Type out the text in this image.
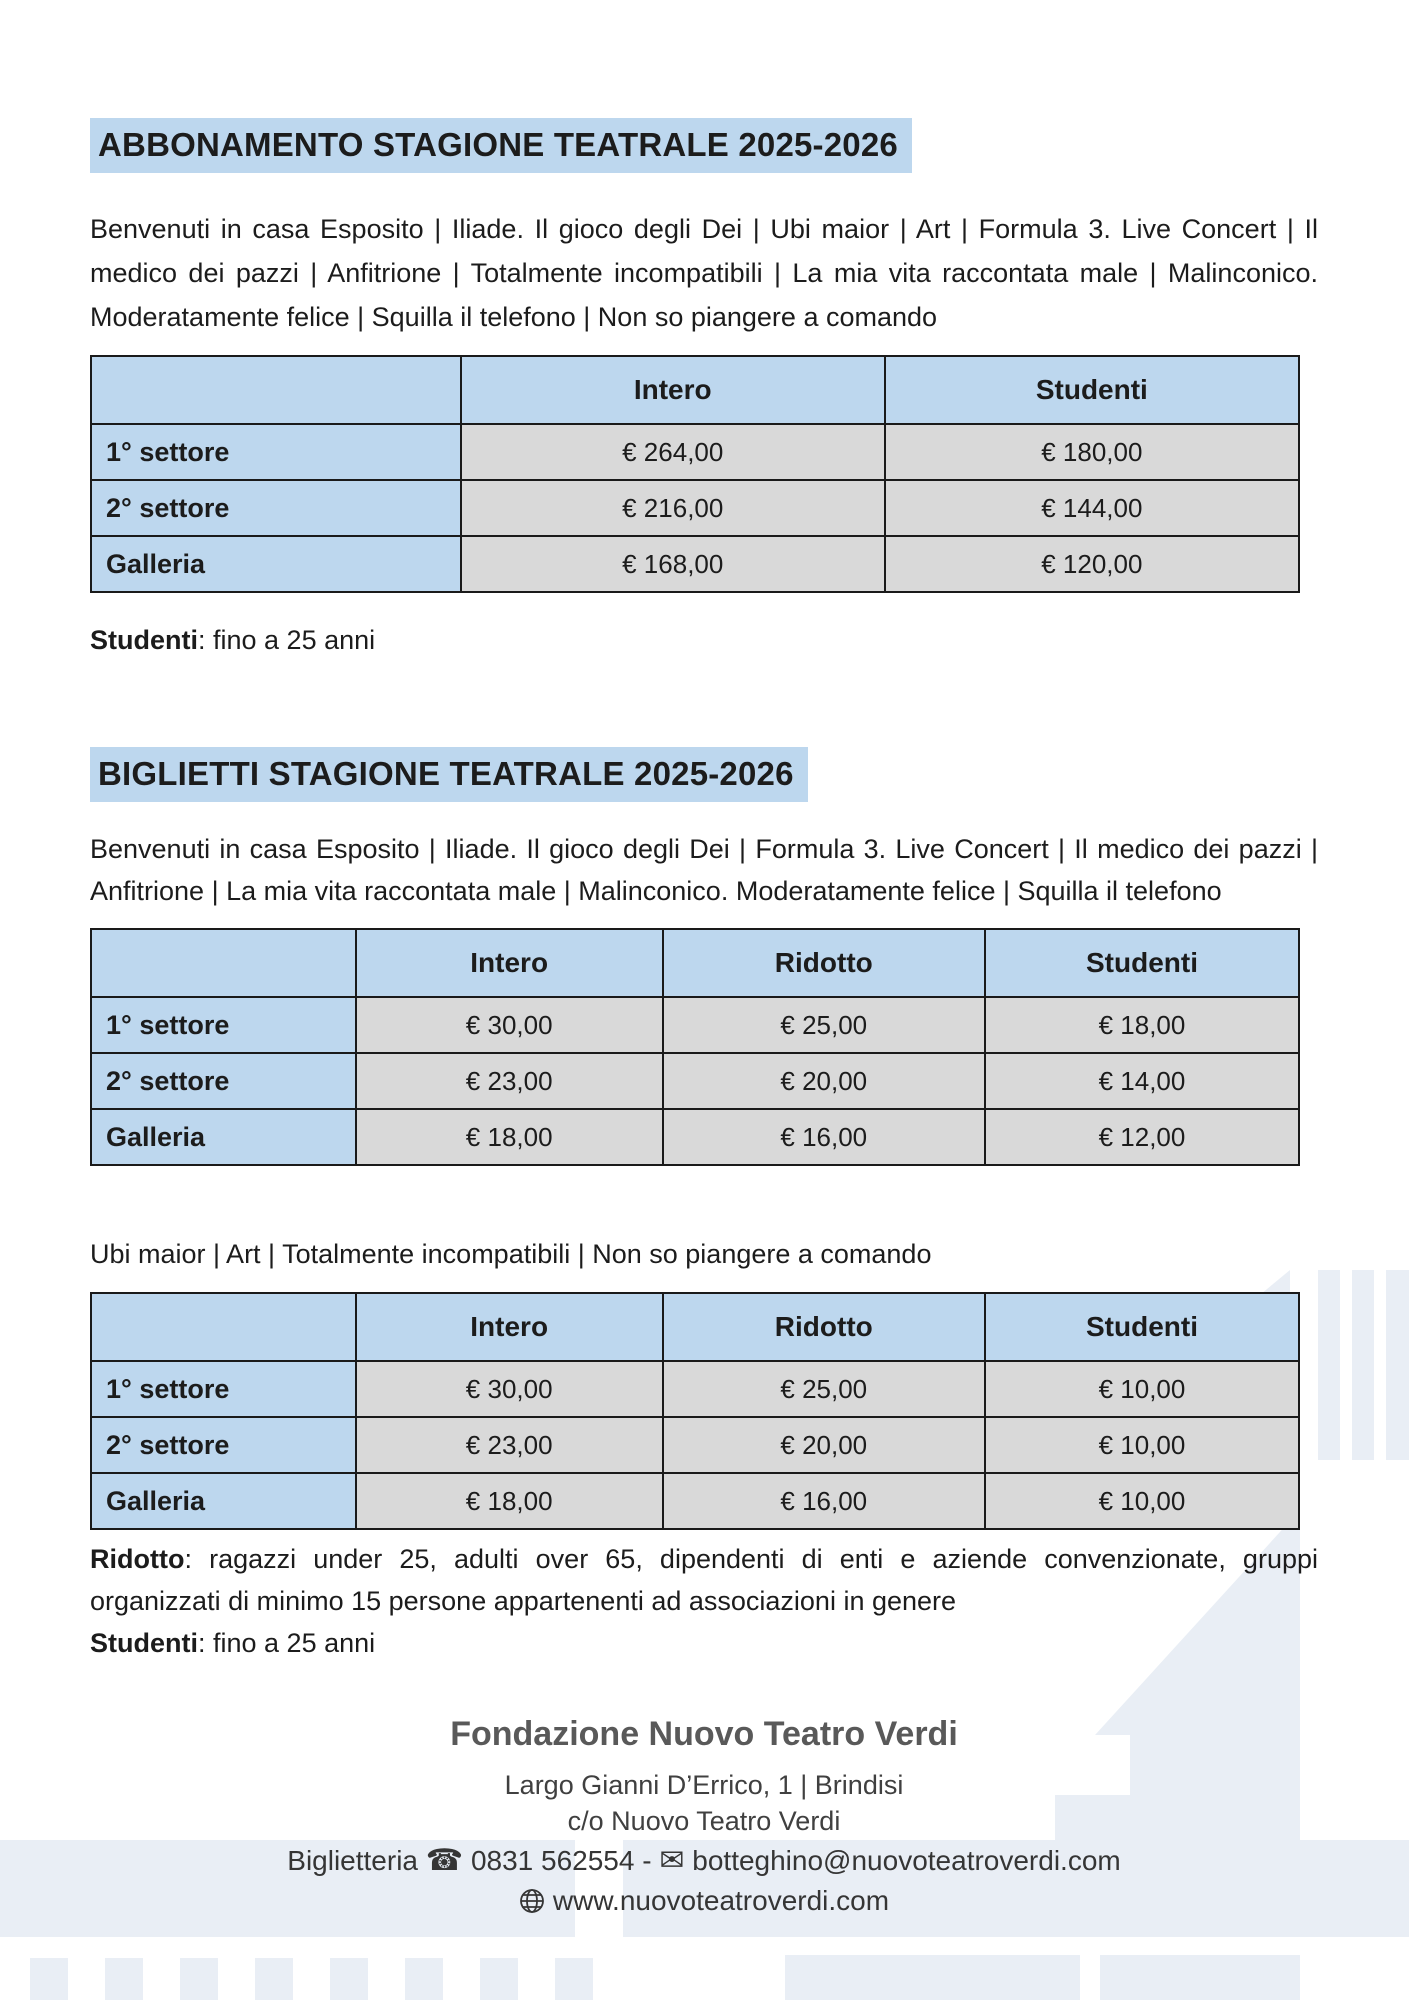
ABBONAMENTO STAGIONE TEATRALE 2025-2026

Benvenuti in casa Esposito | Iliade. Il gioco degli Dei | Ubi maior | Art | Formula 3. Live Concert | Il medico dei pazzi | Anfitrione | Totalmente incompatibili | La mia vita raccontata male | Malinconico. Moderatamente felice | Squilla il telefono | Non so piangere a comando

	Intero	Studenti
1° settore	€ 264,00	€ 180,00
2° settore	€ 216,00	€ 144,00
Galleria	€ 168,00	€ 120,00

Studenti: fino a 25 anni

BIGLIETTI STAGIONE TEATRALE 2025-2026

Benvenuti in casa Esposito | Iliade. Il gioco degli Dei | Formula 3. Live Concert | Il medico dei pazzi | Anfitrione | La mia vita raccontata male | Malinconico. Moderatamente felice | Squilla il telefono

	Intero	Ridotto	Studenti
1° settore	€ 30,00	€ 25,00	€ 18,00
2° settore	€ 23,00	€ 20,00	€ 14,00
Galleria	€ 18,00	€ 16,00	€ 12,00

Ubi maior | Art | Totalmente incompatibili | Non so piangere a comando

	Intero	Ridotto	Studenti
1° settore	€ 30,00	€ 25,00	€ 10,00
2° settore	€ 23,00	€ 20,00	€ 10,00
Galleria	€ 18,00	€ 16,00	€ 10,00
Ridotto: ragazzi under 25, adulti over 65, dipendenti di enti e aziende convenzionate, gruppi organizzati di minimo 15 persone appartenenti ad associazioni in genere
Studenti: fino a 25 anni
Fondazione Nuovo Teatro Verdi
Largo Gianni D’Errico, 1 | Brindisi
c/o Nuovo Teatro Verdi
Biglietteria ☎ 0831 562554 - ✉ botteghino@nuovoteatroverdi.com
www.nuovoteatroverdi.com
